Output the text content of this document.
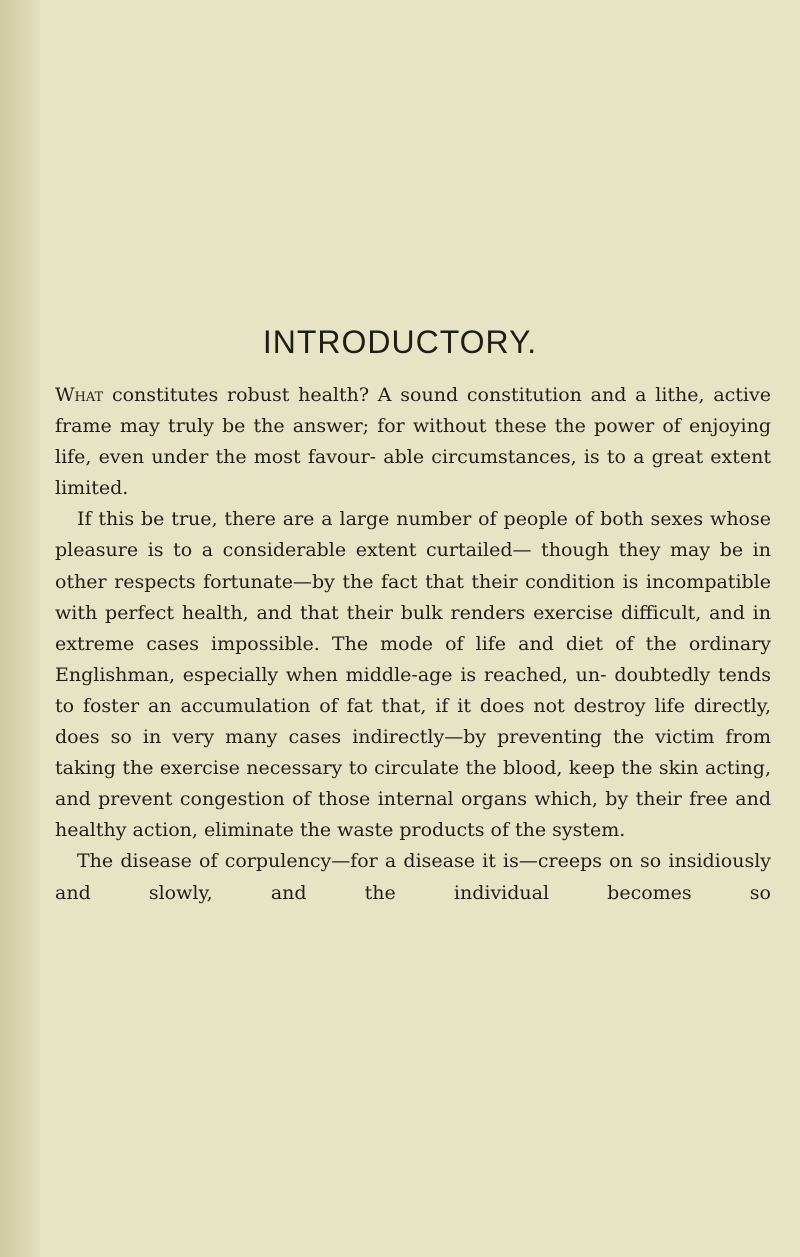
INTRODUCTORY.

What constitutes robust health? A sound constitution and a lithe, active frame may truly be the answer; for without these the power of enjoying life, even under the most favour- able circumstances, is to a great extent limited.

If this be true, there are a large number of people of both sexes whose pleasure is to a considerable extent curtailed— though they may be in other respects fortunate—by the fact that their condition is incompatible with perfect health, and that their bulk renders exercise difficult, and in extreme cases impossible. The mode of life and diet of the ordinary Englishman, especially when middle-age is reached, un- doubtedly tends to foster an accumulation of fat that, if it does not destroy life directly, does so in very many cases indirectly—by preventing the victim from taking the exercise necessary to circulate the blood, keep the skin acting, and prevent congestion of those internal organs which, by their free and healthy action, eliminate the waste products of the system.

The disease of corpulency—for a disease it is—creeps on so insidiously and slowly, and the individual becomes so
